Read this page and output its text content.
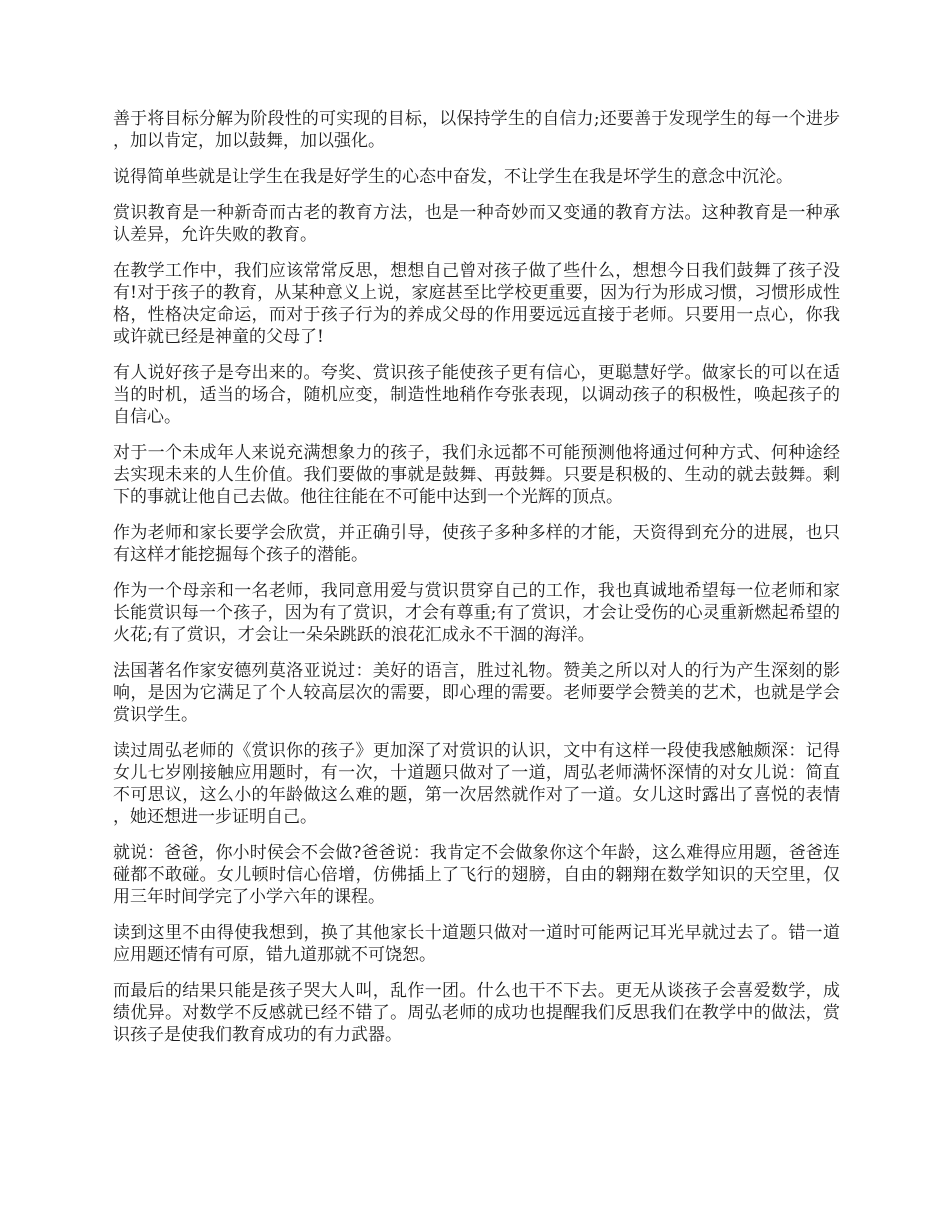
善于将目标分解为阶段性的可实现的目标，以保持学生的自信力;还要善于发现学生的每一个进步，加以肯定，加以鼓舞，加以强化。

说得简单些就是让学生在我是好学生的心态中奋发，不让学生在我是坏学生的意念中沉沦。

赏识教育是一种新奇而古老的教育方法，也是一种奇妙而又变通的教育方法。这种教育是一种承认差异，允许失败的教育。

在教学工作中，我们应该常常反思，想想自己曾对孩子做了些什么，想想今日我们鼓舞了孩子没有!对于孩子的教育，从某种意义上说，家庭甚至比学校更重要，因为行为形成习惯，习惯形成性格，性格决定命运，而对于孩子行为的养成父母的作用要远远直接于老师。只要用一点心，你我或许就已经是神童的父母了!

有人说好孩子是夸出来的。夸奖、赏识孩子能使孩子更有信心，更聪慧好学。做家长的可以在适当的时机，适当的场合，随机应变，制造性地稍作夸张表现，以调动孩子的积极性，唤起孩子的自信心。

对于一个未成年人来说充满想象力的孩子，我们永远都不可能预测他将通过何种方式、何种途经去实现未来的人生价值。我们要做的事就是鼓舞、再鼓舞。只要是积极的、生动的就去鼓舞。剩下的事就让他自己去做。他往往能在不可能中达到一个光辉的顶点。

作为老师和家长要学会欣赏，并正确引导，使孩子多种多样的才能，天资得到充分的进展，也只有这样才能挖掘每个孩子的潜能。

作为一个母亲和一名老师，我同意用爱与赏识贯穿自己的工作，我也真诚地希望每一位老师和家长能赏识每一个孩子，因为有了赏识，才会有尊重;有了赏识，才会让受伤的心灵重新燃起希望的火花;有了赏识，才会让一朵朵跳跃的浪花汇成永不干涸的海洋。

法国著名作家安德列莫洛亚说过：美好的语言，胜过礼物。赞美之所以对人的行为产生深刻的影响，是因为它满足了个人较高层次的需要，即心理的需要。老师要学会赞美的艺术，也就是学会赏识学生。

读过周弘老师的《赏识你的孩子》更加深了对赏识的认识，文中有这样一段使我感触颇深：记得女儿七岁刚接触应用题时，有一次，十道题只做对了一道，周弘老师满怀深情的对女儿说：简直不可思议，这么小的年龄做这么难的题，第一次居然就作对了一道。女儿这时露出了喜悦的表情，她还想进一步证明自己。

就说：爸爸，你小时侯会不会做?爸爸说：我肯定不会做象你这个年龄，这么难得应用题，爸爸连碰都不敢碰。女儿顿时信心倍增，仿佛插上了飞行的翅膀，自由的翱翔在数学知识的天空里，仅用三年时间学完了小学六年的课程。

读到这里不由得使我想到，换了其他家长十道题只做对一道时可能两记耳光早就过去了。错一道应用题还情有可原，错九道那就不可饶恕。

而最后的结果只能是孩子哭大人叫，乱作一团。什么也干不下去。更无从谈孩子会喜爱数学，成绩优异。对数学不反感就已经不错了。周弘老师的成功也提醒我们反思我们在教学中的做法，赏识孩子是使我们教育成功的有力武器。
